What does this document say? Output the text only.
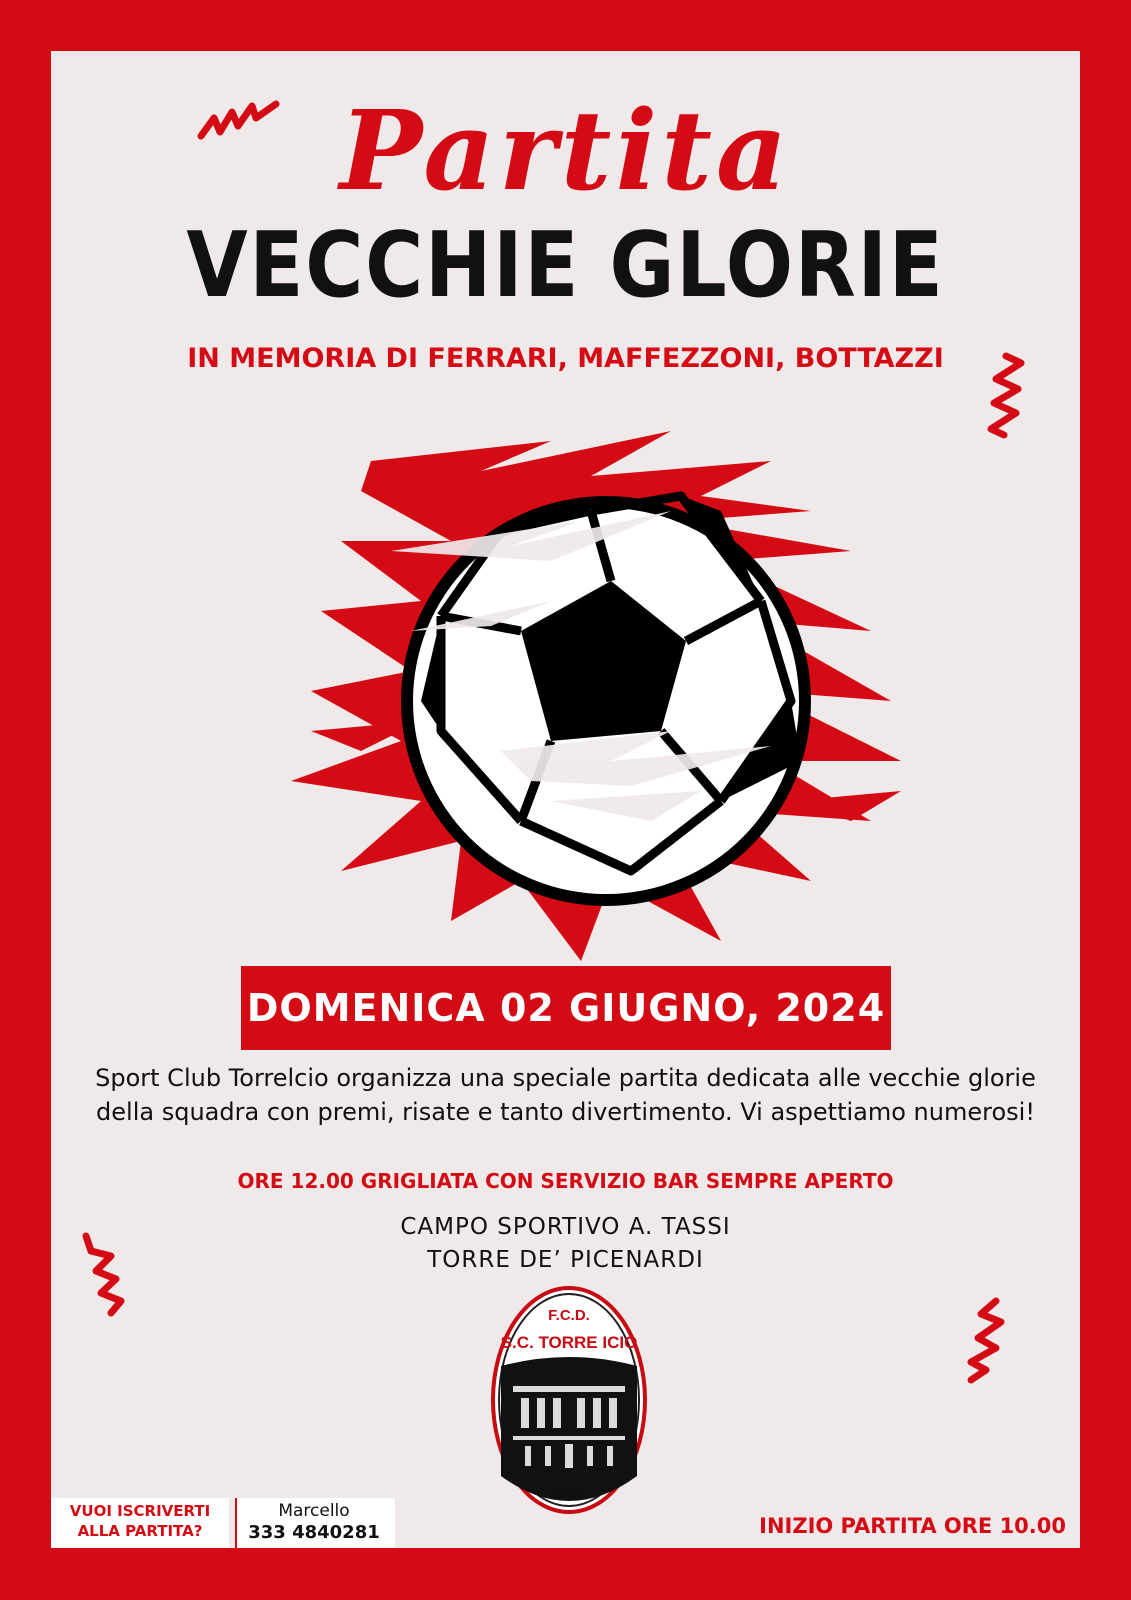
Partita
VECCHIE GLORIE
IN MEMORIA DI FERRARI, MAFFEZZONI, BOTTAZZI
DOMENICA 02 GIUGNO, 2024
Sport Club Torrelcio organizza una speciale partita dedicata alle vecchie glorie della squadra con premi, risate e tanto divertimento. Vi aspettiamo numerosi!
ORE 12.00 GRIGLIATA CON SERVIZIO BAR SEMPRE APERTO
CAMPO SPORTIVO A. TASSI
TORRE DE’ PICENARDI
F.C.D.
S.C. TORRE ICIO
2017
VUOI ISCRIVERTI
ALLA PARTITA?
Marcello
333 4840281	INIZIO PARTITA ORE 10.00
